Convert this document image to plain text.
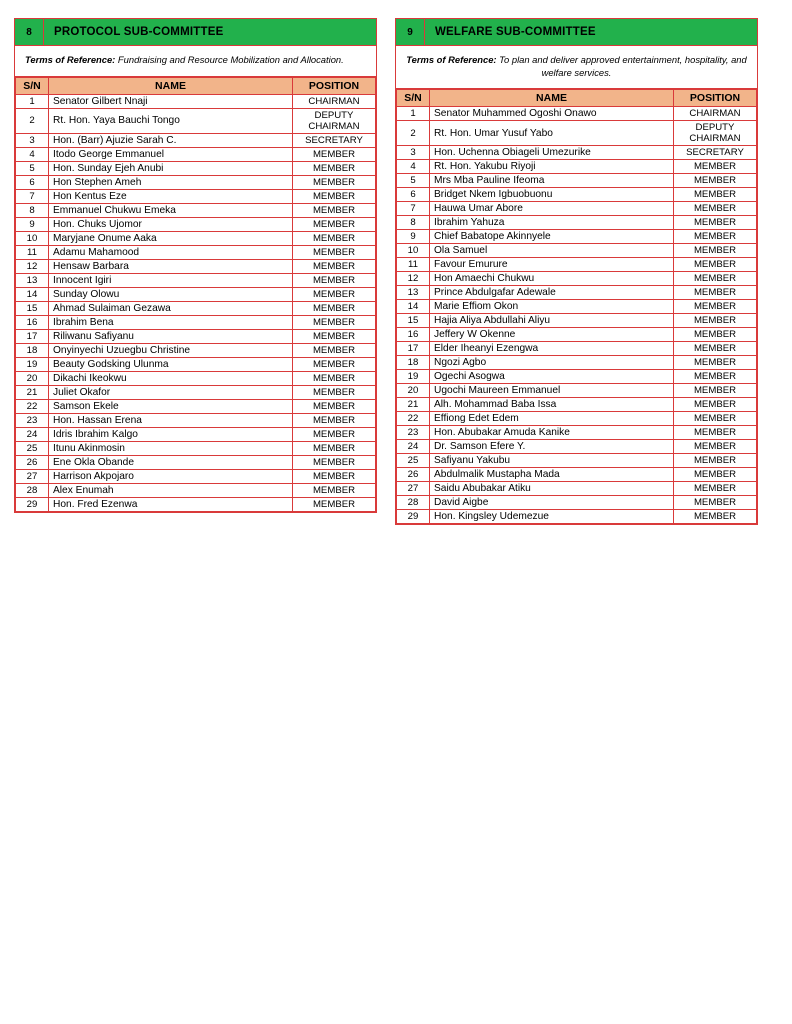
8	PROTOCOL SUB-COMMITTEE
Terms of Reference: Fundraising and Resource Mobilization and Allocation.
S/N	NAME	POSITION
1	Senator Gilbert Nnaji	CHAIRMAN
2	Rt. Hon. Yaya Bauchi Tongo	DEPUTY CHAIRMAN
3	Hon. (Barr) Ajuzie Sarah C.	SECRETARY
4	Itodo George Emmanuel	MEMBER
5	Hon. Sunday Ejeh Anubi	MEMBER
6	Hon Stephen Ameh	MEMBER
7	Hon Kentus Eze	MEMBER
8	Emmanuel Chukwu Emeka	MEMBER
9	Hon. Chuks Ujomor	MEMBER
10	Maryjane Onume Aaka	MEMBER
11	Adamu Mahamood	MEMBER
12	Hensaw Barbara	MEMBER
13	Innocent Igiri	MEMBER
14	Sunday Olowu	MEMBER
15	Ahmad Sulaiman Gezawa	MEMBER
16	Ibrahim Bena	MEMBER
17	Riliwanu Safiyanu	MEMBER
18	Onyinyechi Uzuegbu Christine	MEMBER
19	Beauty Godsking Ulunma	MEMBER
20	Dikachi Ikeokwu	MEMBER
21	Juliet Okafor	MEMBER
22	Samson Ekele	MEMBER
23	Hon. Hassan Erena	MEMBER
24	Idris Ibrahim Kalgo	MEMBER
25	Itunu Akinmosin	MEMBER
26	Ene Okla Obande	MEMBER
27	Harrison Akpojaro	MEMBER
28	Alex Enumah	MEMBER
29	Hon. Fred Ezenwa	MEMBER
9	WELFARE SUB-COMMITTEE
Terms of Reference: To plan and deliver approved entertainment, hospitality, and welfare services.
S/N	NAME	POSITION
1	Senator Muhammed Ogoshi Onawo	CHAIRMAN
2	Rt. Hon. Umar Yusuf Yabo	DEPUTY CHAIRMAN
3	Hon. Uchenna Obiageli Umezurike	SECRETARY
4	Rt. Hon. Yakubu Riyoji	MEMBER
5	Mrs Mba Pauline Ifeoma	MEMBER
6	Bridget Nkem Igbuobuonu	MEMBER
7	Hauwa Umar Abore	MEMBER
8	Ibrahim Yahuza	MEMBER
9	Chief Babatope Akinnyele	MEMBER
10	Ola Samuel	MEMBER
11	Favour Emurure	MEMBER
12	Hon Amaechi Chukwu	MEMBER
13	Prince Abdulgafar Adewale	MEMBER
14	Marie Effiom Okon	MEMBER
15	Hajia Aliya Abdullahi Aliyu	MEMBER
16	Jeffery W Okenne	MEMBER
17	Elder Iheanyi Ezengwa	MEMBER
18	Ngozi Agbo	MEMBER
19	Ogechi Asogwa	MEMBER
20	Ugochi Maureen Emmanuel	MEMBER
21	Alh. Mohammad Baba Issa	MEMBER
22	Effiong Edet Edem	MEMBER
23	Hon. Abubakar Amuda Kanike	MEMBER
24	Dr. Samson Efere Y.	MEMBER
25	Safiyanu Yakubu	MEMBER
26	Abdulmalik Mustapha Mada	MEMBER
27	Saidu Abubakar Atiku	MEMBER
28	David Aigbe	MEMBER
29	Hon. Kingsley Udemezue	MEMBER
